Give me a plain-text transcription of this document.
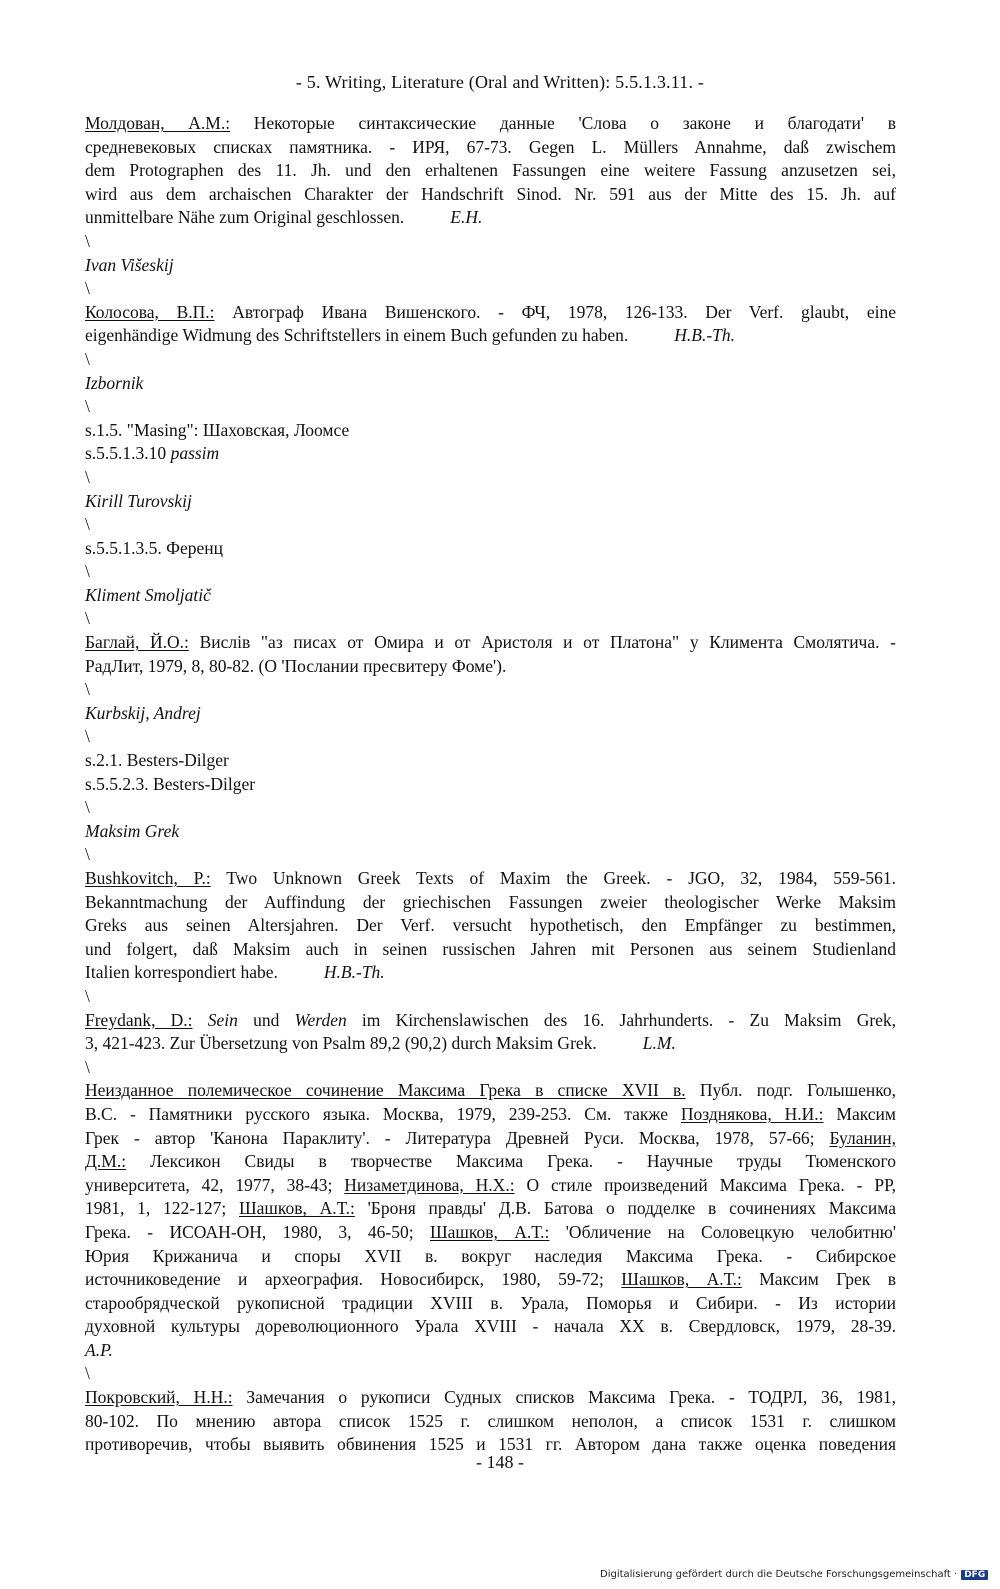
- 5. Writing, Literature (Oral and Written): 5.5.1.3.11. -
Молдован, А.М.: Некоторые синтаксические данные 'Слова о законе и благодати' в
средневековых списках памятника. - ИРЯ, 67-73. Gegen L. Müllers Annahme, daß zwischem
dem Protographen des 11. Jh. und den erhaltenen Fassungen eine weitere Fassung anzusetzen sei,
wird aus dem archaischen Charakter der Handschrift Sinod. Nr. 591 aus der Mitte des 15. Jh. auf
unmittelbare Nähe zum Original geschlossen.	E.H.
\
Ivan Višeskij
\
Колосова, В.П.: Автограф Ивана Вишенского. - ФЧ, 1978, 126-133. Der Verf. glaubt, eine
eigenhändige Widmung des Schriftstellers in einem Buch gefunden zu haben.	H.B.-Th.
\
Izbornik
\
s.1.5. "Masing": Шаховская, Лоомсе
s.5.5.1.3.10 passim
\
Kirill Turovskij
\
s.5.5.1.3.5. Ференц
\
Kliment Smoljatič
\
Баглай, Й.О.: Вислів "аз писах от Омира и от Аристоля и от Платона" у Климента Смолятича. -
РадЛит, 1979, 8, 80-82. (О 'Послании пресвитеру Фоме').
\
Kurbskij, Andrej
\
s.2.1. Besters-Dilger
s.5.5.2.3. Besters-Dilger
\
Maksim Grek
\
Bushkovitch, P.: Two Unknown Greek Texts of Maxim the Greek. - JGO, 32, 1984, 559-561.
Bekanntmachung der Auffindung der griechischen Fassungen zweier theologischer Werke Maksim
Greks aus seinen Altersjahren. Der Verf. versucht hypothetisch, den Empfänger zu bestimmen,
und folgert, daß Maksim auch in seinen russischen Jahren mit Personen aus seinem Studienland
Italien korrespondiert habe.	H.B.-Th.
\
Freydank, D.: Sein und Werden im Kirchenslawischen des 16. Jahrhunderts. - Zu Maksim Grek,
3, 421-423. Zur Übersetzung von Psalm 89,2 (90,2) durch Maksim Grek.	L.M.
\
Неизданное полемическое сочинение Максима Грека в списке XVII в. Публ. подг. Голышенко,
В.С. - Памятники русского языка. Москва, 1979, 239-253. См. также Позднякова, Н.И.: Максим
Грек - автор 'Канона Параклиту'. - Литература Древней Руси. Москва, 1978, 57-66; Буланин,
Д.М.: Лексикон Свиды в творчестве Максима Грека. - Научные труды Тюменского
университета, 42, 1977, 38-43; Низаметдинова, Н.Х.: О стиле произведений Максима Грека. - РР,
1981, 1, 122-127; Шашков, А.Т.: 'Броня правды' Д.В. Батова о подделке в сочинениях Максима
Грека. - ИСОАН-ОН, 1980, 3, 46-50; Шашков, А.Т.: 'Обличение на Соловецкую челобитню'
Юрия Крижанича и споры XVII в. вокруг наследия Максима Грека. - Сибирское
источниковедение и археография. Новосибирск, 1980, 59-72; Шашков, А.Т.: Максим Грек в
старообрядческой рукописной традиции XVIII в. Урала, Поморья и Сибири. - Из истории
духовной культуры дореволюционного Урала XVIII - начала XX в. Свердловск, 1979, 28-39.
A.P.
\
Покровский, Н.Н.: Замечания о рукописи Судных списков Максима Грека. - ТОДРЛ, 36, 1981,
80-102. По мнению автора список 1525 г. слишком неполон, а список 1531 г. слишком
противоречив, чтобы выявить обвинения 1525 и 1531 гг. Автором дана также оценка поведения
- 148 -
Digitalisierung gefördert durch die Deutsche Forschungsgemeinschaft · DFG
